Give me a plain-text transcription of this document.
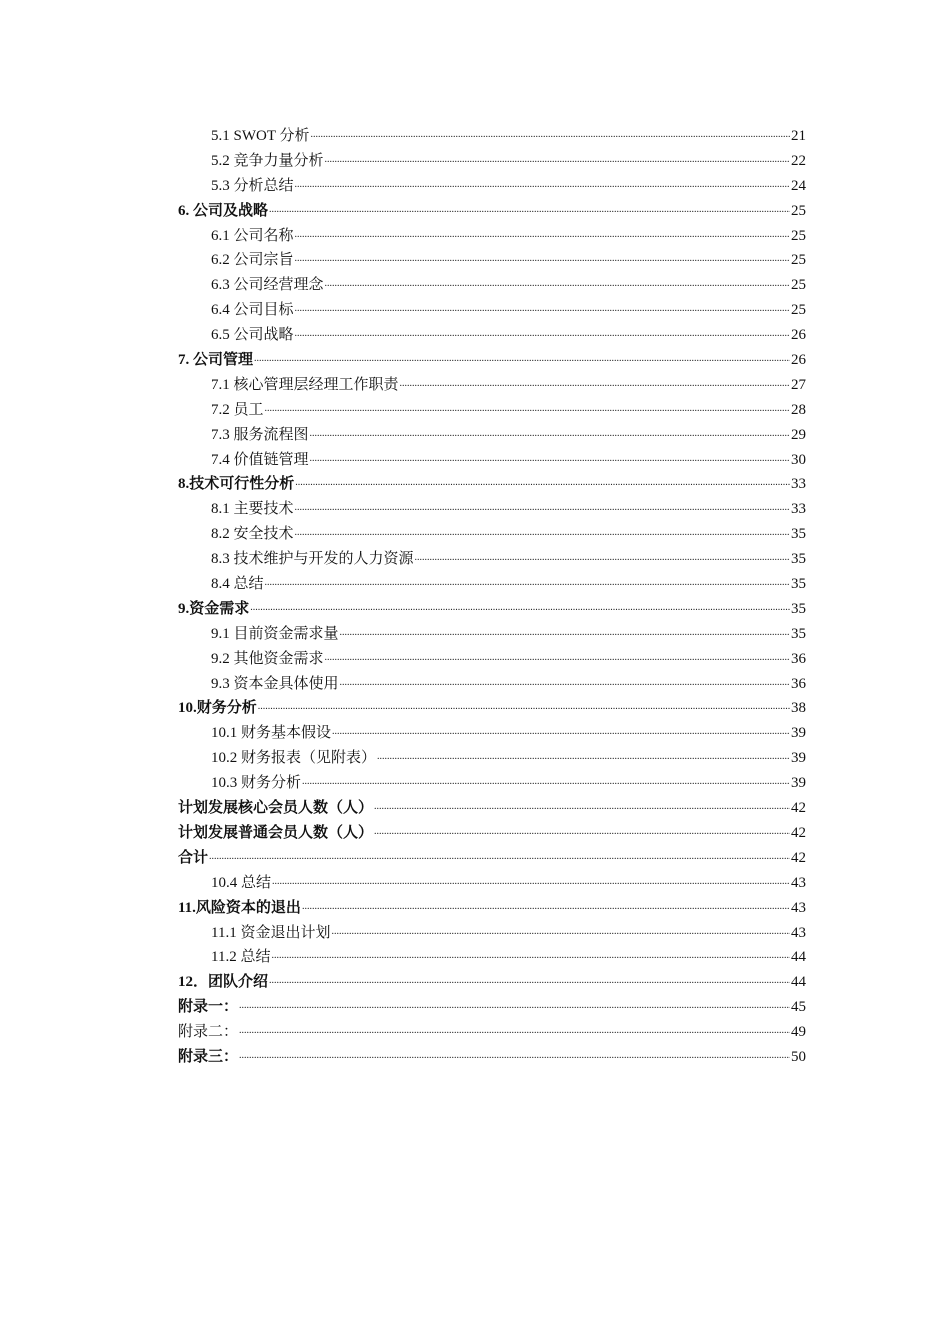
5.1 SWOT 分析 .....	21
5.2 竞争力量分析 .....	22
5.3 分析总结 .....	24
6. 公司及战略 .....	25
6.1 公司名称 .....	25
6.2 公司宗旨 .....	25
6.3 公司经营理念 .....	25
6.4 公司目标 .....	25
6.5 公司战略 .....	26
7. 公司管理 .....	26
7.1 核心管理层经理工作职责 .....	27
7.2 员工 .....	28
7.3 服务流程图 .....	29
7.4 价值链管理 .....	30
8.技术可行性分析 .....	33
8.1 主要技术 .....	33
8.2 安全技术 .....	35
8.3 技术维护与开发的人力资源 .....	35
8.4 总结 .....	35
9.资金需求 .....	35
9.1 目前资金需求量 .....	35
9.2 其他资金需求 .....	36
9.3 资本金具体使用 .....	36
10.财务分析 .....	38
10.1 财务基本假设 .....	39
10.2 财务报表（见附表） .....	39
10.3 财务分析 .....	39
计划发展核心会员人数（人） .....	42
计划发展普通会员人数（人） .....	42
合计 .....	42
10.4 总结 .....	43
11.风险资本的退出 .....	43
11.1 资金退出计划 .....	43
11.2 总结 .....	44
12．团队介绍 .....	44
附录一： .....	45
附录二： .....	49
附录三： .....	50
